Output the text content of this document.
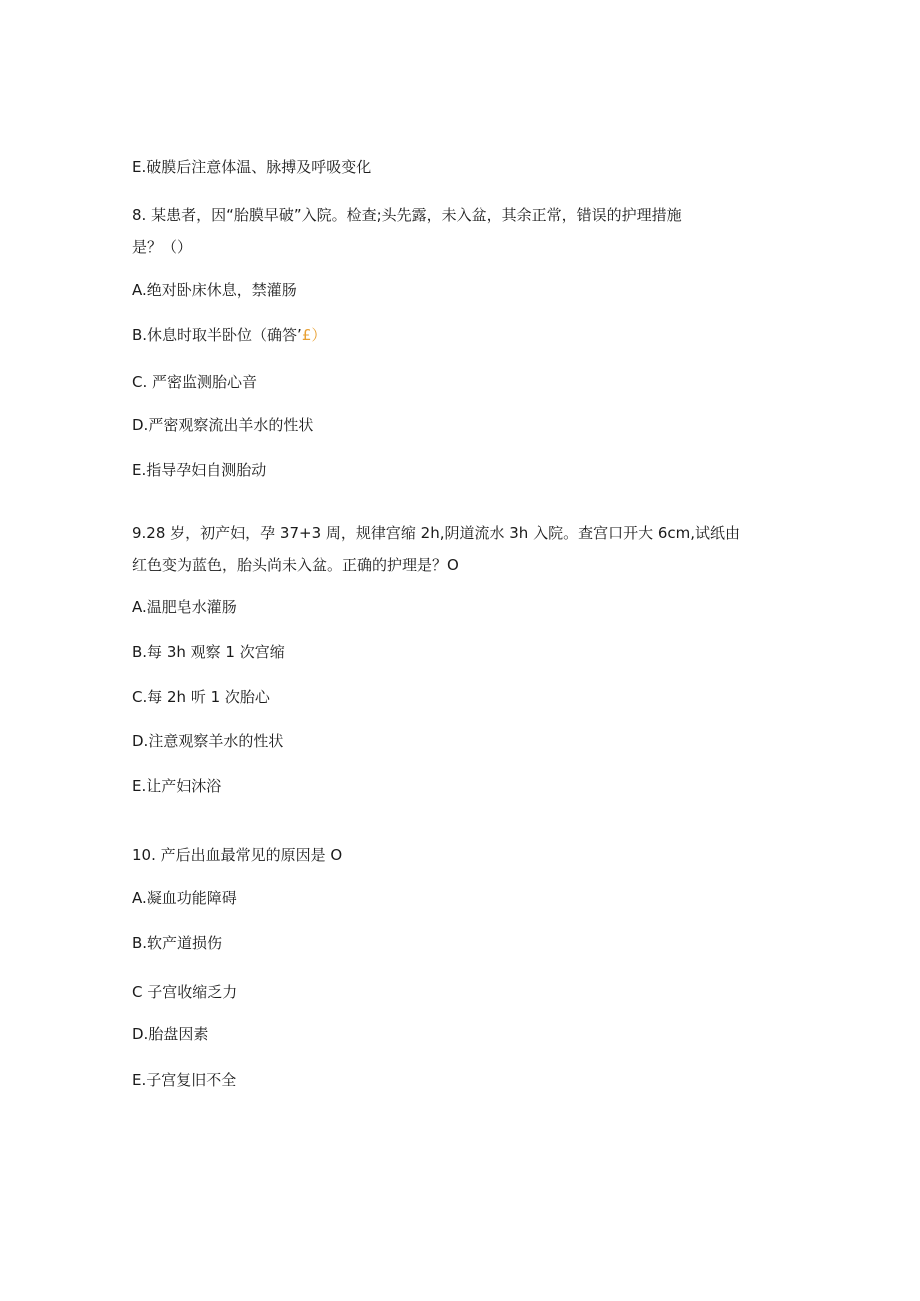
E.破膜后注意体温、脉搏及呼吸变化
8. 某患者，因“胎膜早破”入院。检查;头先露，未入盆，其余正常，错误的护理措施
是？（）
A.绝对卧床休息，禁灌肠
B.休息时取半卧位（确答’£）
C. 严密监测胎心音
D.严密观察流出羊水的性状
E.指导孕妇自测胎动
9.28 岁，初产妇，孕 37+3 周，规律宫缩 2h,阴道流水 3h 入院。查宫口开大 6cm,试纸由
红色变为蓝色，胎头尚未入盆。正确的护理是？O
A.温肥皂水灌肠
B.每 3h 观察 1 次宫缩
C.每 2h 听 1 次胎心
D.注意观察羊水的性状
E.让产妇沐浴
10. 产后出血最常见的原因是 O
A.凝血功能障碍
B.软产道损伤
C 子宫收缩乏力
D.胎盘因素
E.子宫复旧不全
